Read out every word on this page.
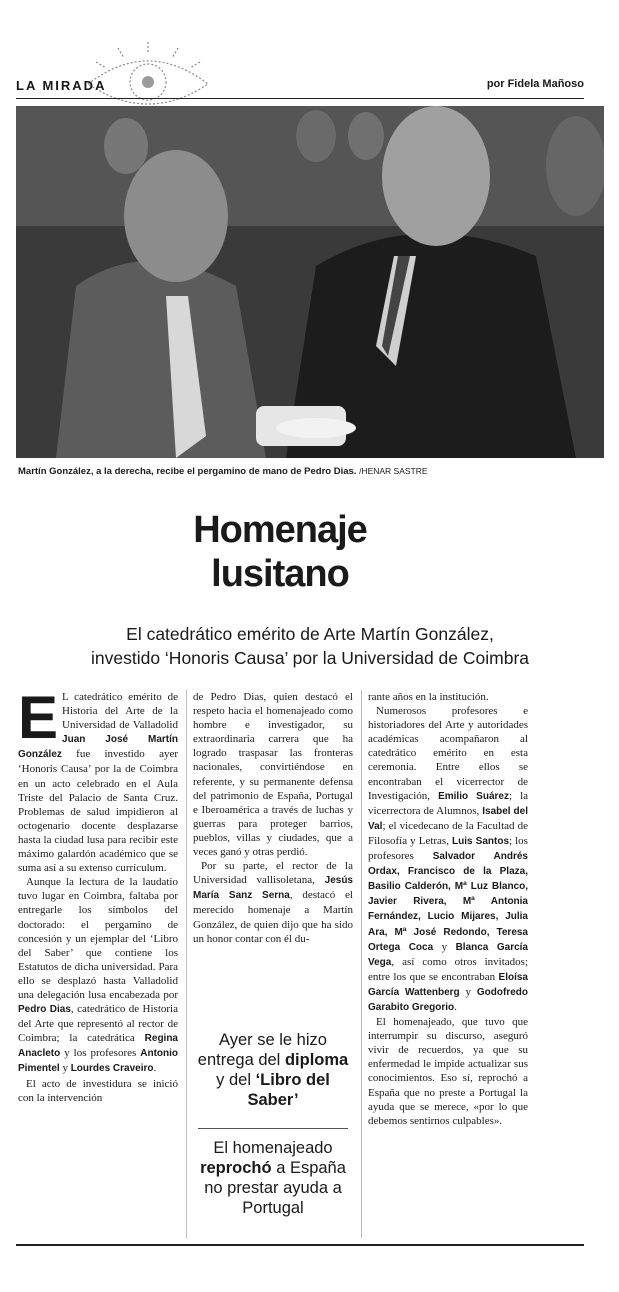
LA MIRADA	por Fidela Mañoso
Martín González, a la derecha, recibe el pergamino de mano de Pedro Dias. /HENAR SASTRE
Homenaje
lusitano
El catedrático emérito de Arte Martín González,
investido ‘Honoris Causa’ por la Universidad de Coimbra

E L catedrático emérito de Historia del Arte de la Universidad de Valladolid Juan José Martín González fue investido ayer ‘Honoris Causa’ por la de Coimbra en un acto celebrado en el Aula Triste del Palacio de Santa Cruz. Problemas de salud impidieron al octogenario docente desplazarse hasta la ciudad lusa para recibir este máximo galardón académico que se suma así a su extenso currículum.

Aunque la lectura de la laudatio tuvo lugar en Coimbra, faltaba por entregarle los símbolos del doctorado: el pergamino de concesión y un ejemplar del ‘Libro del Saber’ que contiene los Estatutos de dicha universidad. Para ello se desplazó hasta Valladolid una delegación lusa encabezada por Pedro Dias, catedrático de Historia del Arte que representó al rector de Coimbra; la catedrática Regina Anacleto y los profesores Antonio Pimentel y Lourdes Craveiro.

El acto de investidura se inició con la intervención

de Pedro Dias, quien destacó el respeto hacia el homenajeado como hombre e investigador, su extraordinaria carrera que ha logrado traspasar las fronteras nacionales, convirtiéndose en referente, y su permanente defensa del patrimonio de España, Portugal e Iberoamérica a través de luchas y guerras para proteger barrios, pueblos, villas y ciudades, que a veces ganó y otras perdió.

Por su parte, el rector de la Universidad vallisoletana, Jesús María Sanz Serna, destacó el merecido homenaje a Martín González, de quien dijo que ha sido un honor contar con él du-

Ayer se le hizo entrega del diploma y del ‘Libro del Saber’
El homenajeado reprochó a España no prestar ayuda a Portugal

rante años en la institución.

Numerosos profesores e historiadores del Arte y autoridades académicas acompañaron al catedrático emérito en esta ceremonia. Entre ellos se encontraban el vicerrector de Investigación, Emilio Suárez; la vicerrectora de Alumnos, Isabel del Val; el vicedecano de la Facultad de Filosofía y Letras, Luis Santos; los profesores Salvador Andrés Ordax, Francisco de la Plaza, Basilio Calderón, Mª Luz Blanco, Javier Rivera, Mª Antonia Fernández, Lucio Mijares, Julia Ara, Mª José Redondo, Teresa Ortega Coca y Blanca García Vega, así como otros invitados; entre los que se encontraban Eloísa García Wattenberg y Godofredo Garabito Gregorio.

El homenajeado, que tuvo que interrumpir su discurso, aseguró vivir de recuerdos, ya que su enfermedad le impide actualizar sus conocimientos. Eso sí, reprochó a España que no preste a Portugal la ayuda que se merece, «por lo que debemos sentirnos culpables».
